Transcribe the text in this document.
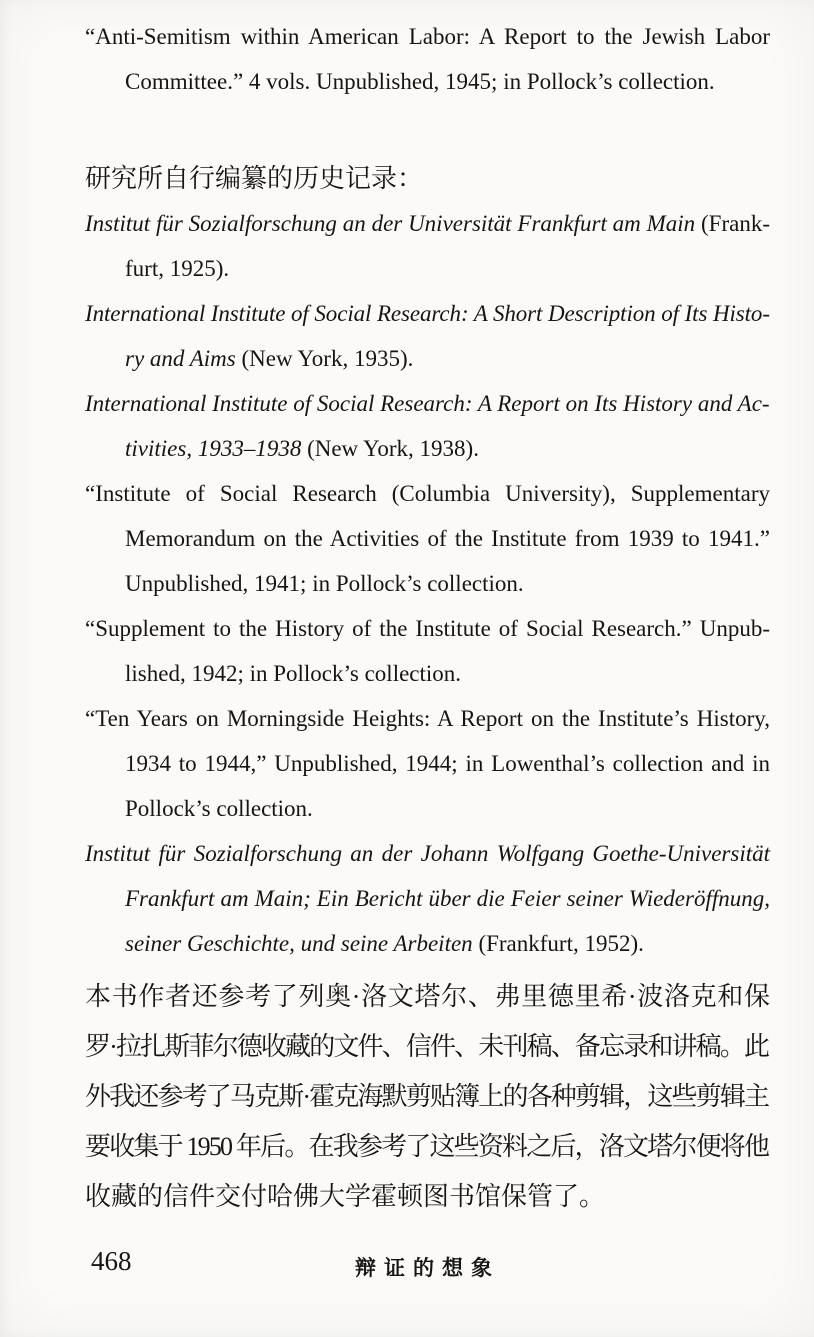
“Anti-Semitism within American Labor: A Report to the Jewish Labor
Committee.” 4 vols. Unpublished, 1945; in Pollock’s collection.
研究所自行编纂的历史记录：
Institut für Sozialforschung an der Universität Frankfurt am Main (Frank-
furt, 1925).
International Institute of Social Research: A Short Description of Its Histo-
ry and Aims (New York, 1935).
International Institute of Social Research: A Report on Its History and Ac-
tivities, 1933–1938 (New York, 1938).
“Institute of Social Research (Columbia University), Supplementary
Memorandum on the Activities of the Institute from 1939 to 1941.”
Unpublished, 1941; in Pollock’s collection.
“Supplement to the History of the Institute of Social Research.” Unpub-
lished, 1942; in Pollock’s collection.
“Ten Years on Morningside Heights: A Report on the Institute’s History,
1934 to 1944,” Unpublished, 1944; in Lowenthal’s collection and in
Pollock’s collection.
Institut für Sozialforschung an der Johann Wolfgang Goethe-Universität
Frankfurt am Main; Ein Bericht über die Feier seiner Wiederöffnung,
seiner Geschichte, und seine Arbeiten (Frankfurt, 1952).
本书作者还参考了列奥·洛文塔尔、弗里德里希·波洛克和保
罗·拉扎斯菲尔德收藏的文件、信件、未刊稿、备忘录和讲稿。此
外我还参考了马克斯·霍克海默剪贴簿上的各种剪辑，这些剪辑主
要收集于 1950 年后。在我参考了这些资料之后，洛文塔尔便将他
收藏的信件交付哈佛大学霍顿图书馆保管了。
468	辩证的想象
